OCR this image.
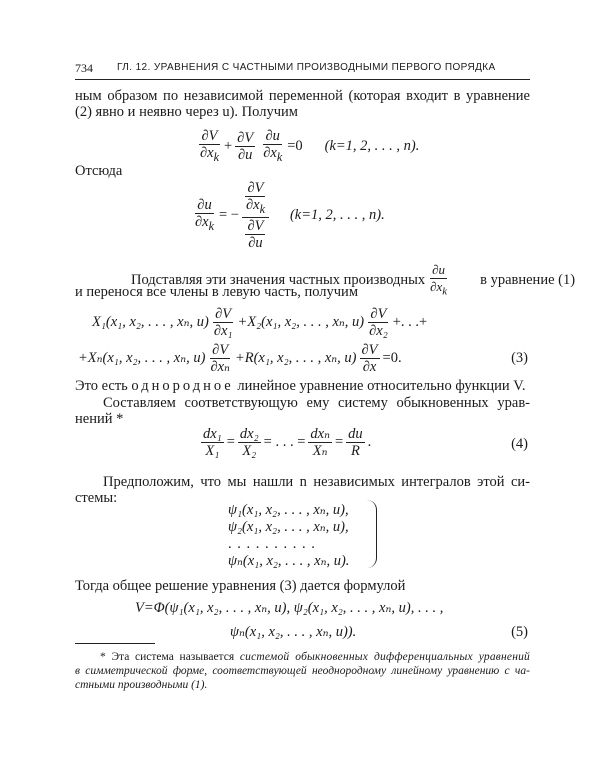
734	ГЛ. 12. УРАВНЕНИЯ С ЧАСТНЫМИ ПРОИЗВОДНЫМИ ПЕРВОГО ПОРЯДКА
ным образом по независимой переменной (которая входит в уравнение
(2) явно и неявно через u). Получим
$\frac{\partial V}{\partial x_k} + \frac{\partial V}{\partial u} \frac{\partial u}{\partial x_k} =0$ (k=1, 2, . . . , n).
Отсюда
$\frac{\partial u}{\partial x_k}$ = − $\frac{\frac{\partial V}{\partial x_k}}{\frac{\partial V}{\partial u}} (k=1$, 2, . . . , n).
Подставляя эти значения частных производных $\frac{\partial u}{\partial x_k}$	в уравнение (1)
и перенося все члены в левую часть, получим
X₁(x₁, x₂, . . . , xₙ, $u) \frac{\partial V}{\text{∂x₁}} +X_2(x_1$, x₂, . . . , xₙ, $u) \frac{\partial V}{\text{∂x₂}}$ +. . .+
+Xₙ(x₁, x₂, . . . , xₙ, $u) \frac{\partial V}{\text{∂xₙ}} +R(x_1$, x₂, . . . , xₙ, $u) \frac{\partial V}{\partial x} =0$.	(3)
Это есть однородное линейное уравнение относительно функции V.
Составляем соответствующую ему систему обыкновенных урав-
нений *
$\frac{\text{dx₁}}{\text{X₁}} = \frac{\text{dx₂}}{\text{X₂}}$ = . . . = $\frac{\text{dxₙ}}{\text{Xₙ}} = \frac{du}{R}$ .	(4)
Предположим, что мы нашли n независимых интегралов этой си-
стемы:
ψ₁(x₁, x₂, . . . , xₙ, u),
ψ₂(x₁, x₂, . . . , xₙ, u),
. . . . . . . . . .
ψₙ(x₁, x₂, . . . , xₙ, u).
Тогда общее решение уравнения (3) дается формулой
V=Φ(ψ₁(x₁, x₂, . . . , xₙ, u), ψ₂(x₁, x₂, . . . , xₙ, u), . . . ,
ψₙ(x₁, x₂, . . . , xₙ, u)).	(5)
* Эта система называется системой обыкновенных дифференциальных уравнений
в симметрической форме, соответствующей неоднородному линейному уравнению с ча-
стными производными (1).
